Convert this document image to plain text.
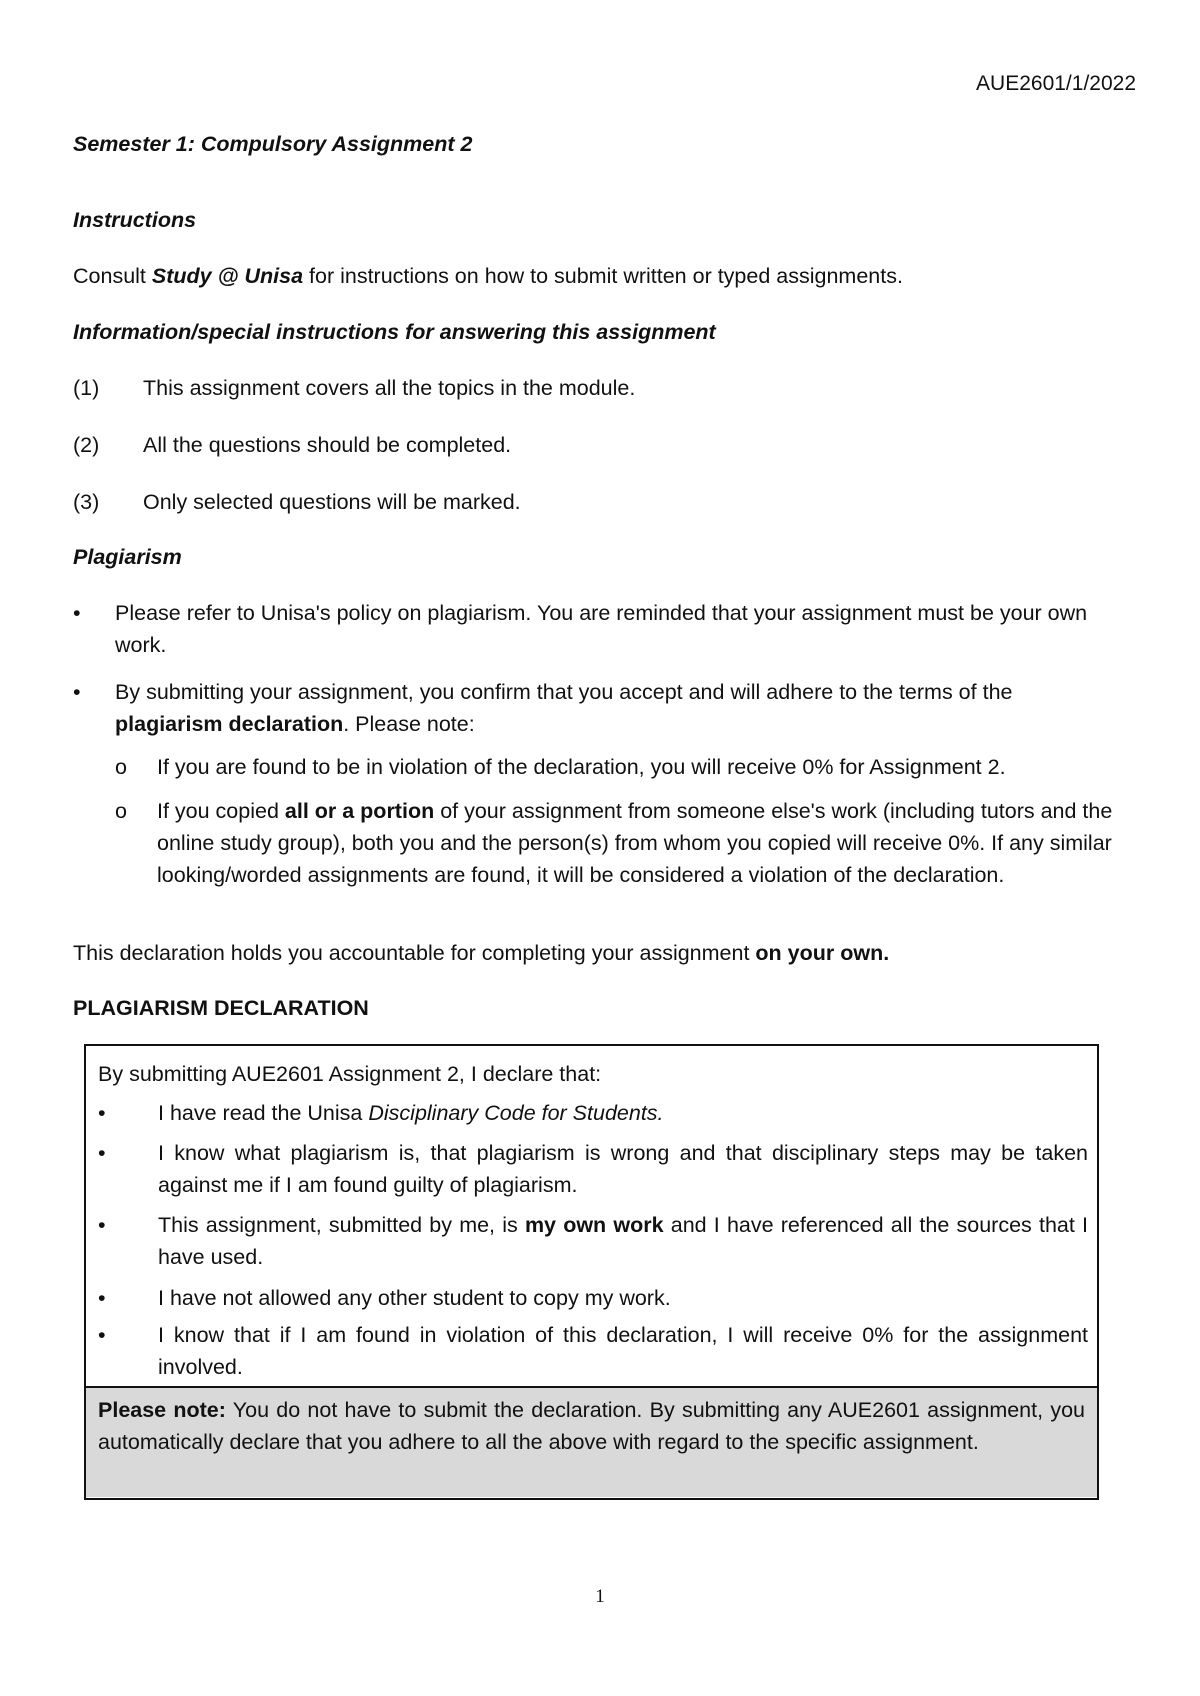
AUE2601/1/2022

Semester 1: Compulsory Assignment 2

Instructions

Consult Study @ Unisa for instructions on how to submit written or typed assignments.

Information/special instructions for answering this assignment

(1) This assignment covers all the topics in the module.
(2) All the questions should be completed.
(3) Only selected questions will be marked.

Plagiarism

• Please refer to Unisa's policy on plagiarism. You are reminded that your assignment must be your own work.
• By submitting your assignment, you confirm that you accept and will adhere to the terms of the plagiarism declaration. Please note:
o If you are found to be in violation of the declaration, you will receive 0% for Assignment 2.
o If you copied all or a portion of your assignment from someone else's work (including tutors and the online study group), both you and the person(s) from whom you copied will receive 0%. If any similar looking/worded assignments are found, it will be considered a violation of the declaration.

This declaration holds you accountable for completing your assignment on your own.

PLAGIARISM DECLARATION

By submitting AUE2601 Assignment 2, I declare that:
• I have read the Unisa Disciplinary Code for Students.
• I know what plagiarism is, that plagiarism is wrong and that disciplinary steps may be taken against me if I am found guilty of plagiarism.
• This assignment, submitted by me, is my own work and I have referenced all the sources that I have used.
• I have not allowed any other student to copy my work.
• I know that if I am found in violation of this declaration, I will receive 0% for the assignment involved.
Please note: You do not have to submit the declaration. By submitting any AUE2601 assignment, you automatically declare that you adhere to all the above with regard to the specific assignment.
1
